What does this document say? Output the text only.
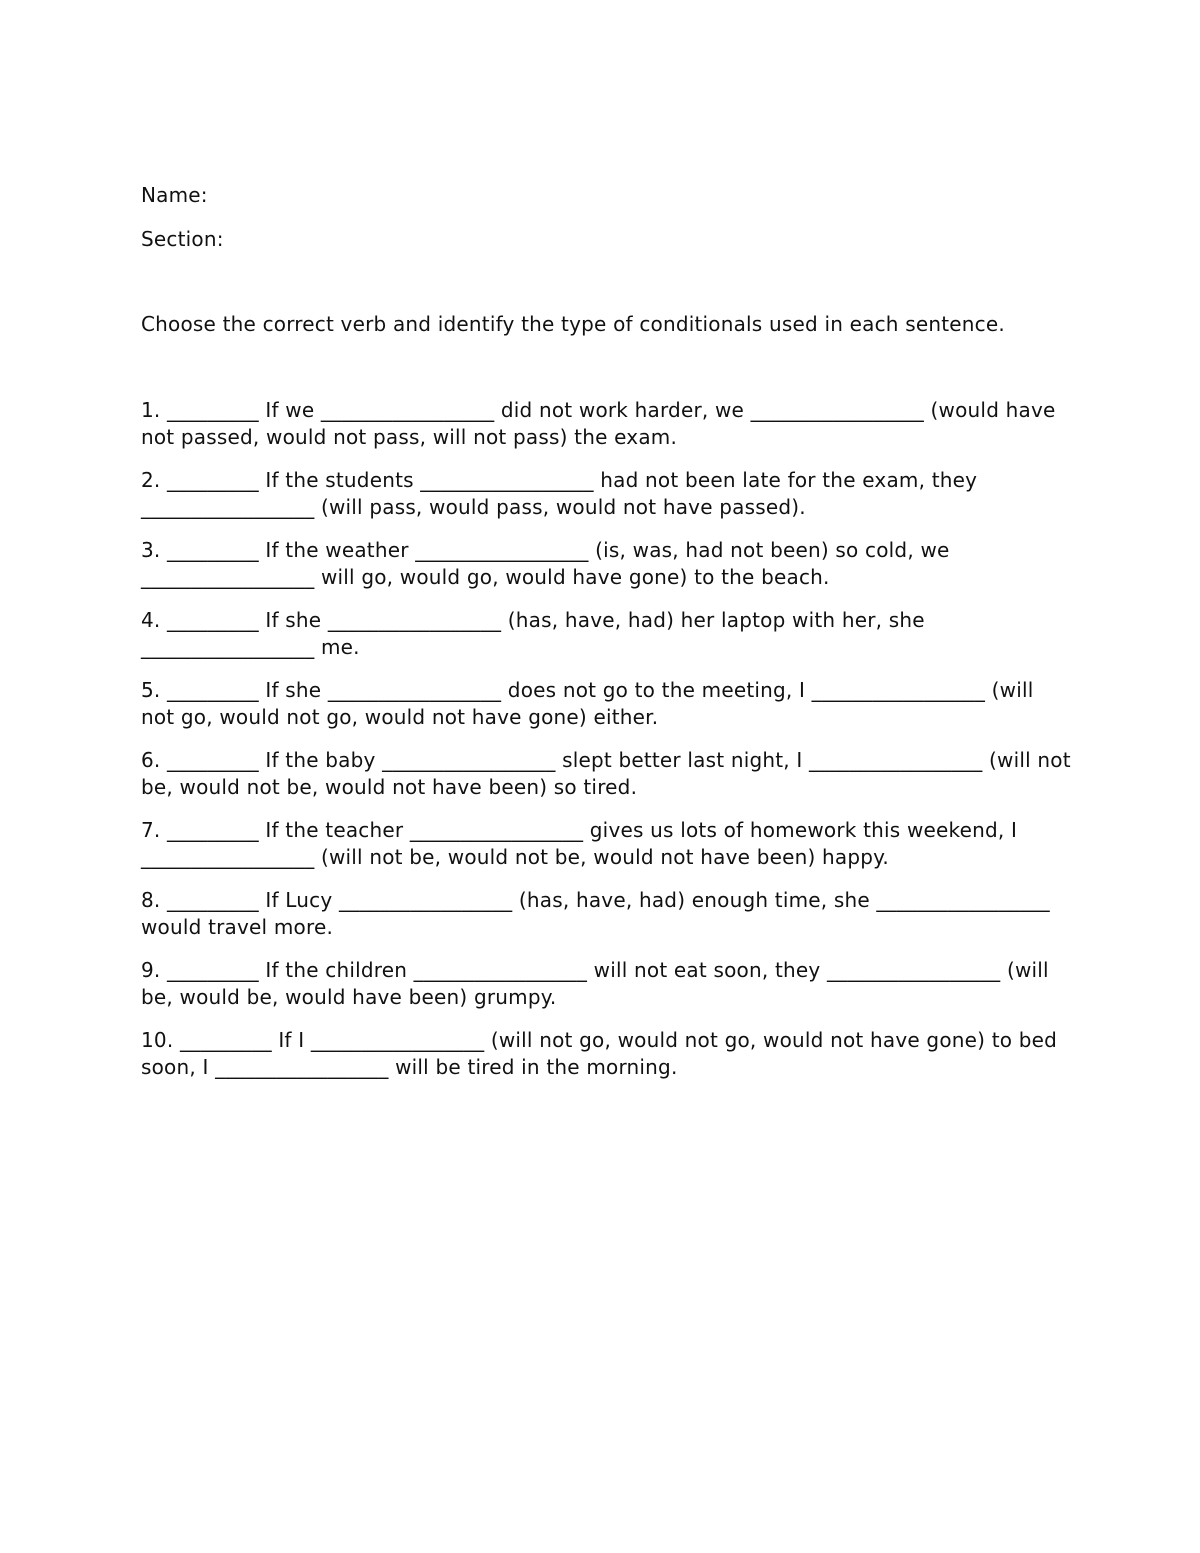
Name:
Section:
Choose the correct verb and identify the type of conditionals used in each sentence.

1. _________ If we _________________ did not work harder, we _________________ (would have not passed, would not pass, will not pass) the exam.

2. _________ If the students _________________ had not been late for the exam, they _________________ (will pass, would pass, would not have passed).

3. _________ If the weather _________________ (is, was, had not been) so cold, we _________________ will go, would go, would have gone) to the beach.

4. _________ If she _________________ (has, have, had) her laptop with her, she _________________ me.

5. _________ If she _________________ does not go to the meeting, I _________________ (will not go, would not go, would not have gone) either.

6. _________ If the baby _________________ slept better last night, I _________________ (will not be, would not be, would not have been) so tired.

7. _________ If the teacher _________________ gives us lots of homework this weekend, I _________________ (will not be, would not be, would not have been) happy.

8. _________ If Lucy _________________ (has, have, had) enough time, she _________________ would travel more.

9. _________ If the children _________________ will not eat soon, they _________________ (will be, would be, would have been) grumpy.

10. _________ If I _________________ (will not go, would not go, would not have gone) to bed soon, I _________________ will be tired in the morning.
